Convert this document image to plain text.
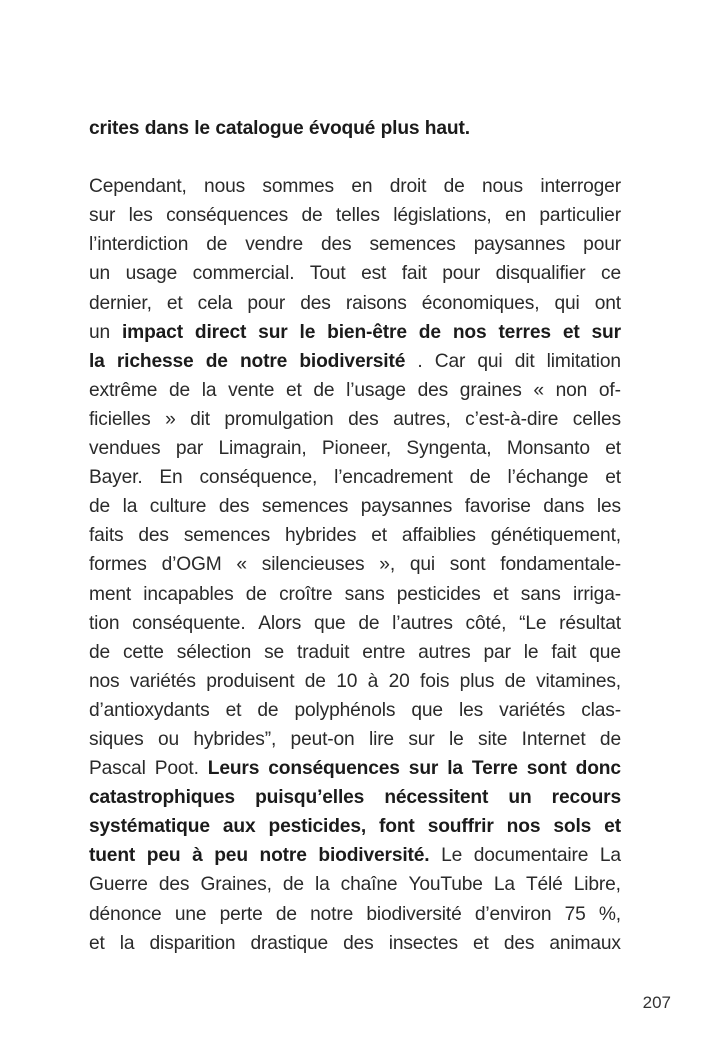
crites dans le catalogue évoqué plus haut.
Cependant, nous sommes en droit de nous interroger
sur les conséquences de telles législations, en particulier
l’interdiction de vendre des semences paysannes pour
un usage commercial. Tout est fait pour disqualifier ce
dernier, et cela pour des raisons économiques, qui ont
un impact direct sur le bien-être de nos terres et sur
la richesse de notre biodiversité . Car qui dit limitation
extrême de la vente et de l’usage des graines « non of-
ficielles » dit promulgation des autres, c’est-à-dire celles
vendues par Limagrain, Pioneer, Syngenta, Monsanto et
Bayer. En conséquence, l’encadrement de l’échange et
de la culture des semences paysannes favorise dans les
faits des semences hybrides et affaiblies génétiquement,
formes d’OGM « silencieuses », qui sont fondamentale-
ment incapables de croître sans pesticides et sans irriga-
tion conséquente. Alors que de l’autres côté, “Le résultat
de cette sélection se traduit entre autres par le fait que
nos variétés produisent de 10 à 20 fois plus de vitamines,
d’antioxydants et de polyphénols que les variétés clas-
siques ou hybrides”, peut-on lire sur le site Internet de
Pascal Poot. Leurs conséquences sur la Terre sont donc
catastrophiques puisqu’elles nécessitent un recours
systématique aux pesticides, font souffrir nos sols et
tuent peu à peu notre biodiversité. Le documentaire La
Guerre des Graines, de la chaîne YouTube La Télé Libre,
dénonce une perte de notre biodiversité d’environ 75 %,
et la disparition drastique des insectes et des animaux
207
